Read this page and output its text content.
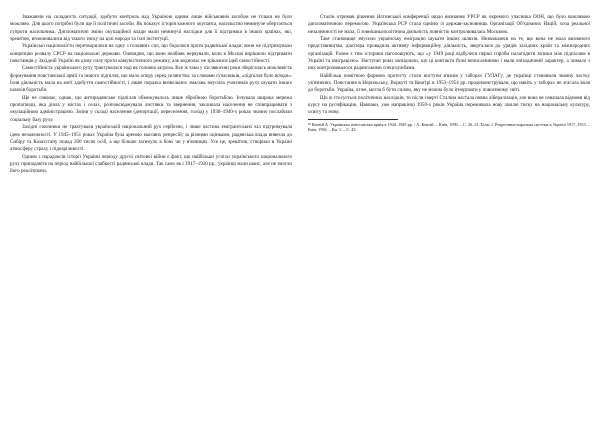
Зважаючи на складність ситуації, здобути контроль над Україною одним лише військовим засобом не тільки не було можливо. Для цього потрібні були ще й політичні засоби. Як показує історія кожного окупанта, насильство неминуче обертається супроти насильника. Дипломатичні зміни окупаційної влади мали неминучі наслідки для її підтримки в інших країнах, які, зрештою, втомлювалися від такого тиску на цілі народи та їхні інституції.

Українські націоналісти перетворилися на одну з головних сил, що боролися проти радянської влади: вони не підтримували концепцію розвалу СРСР на національні держави. Очевидно, що вони неабияк нервували, коли в Москві вирішили підтримати повстанців у Західній Україні як дієву силу проти комуністичного режиму, але водночас не зрікалися ідей самостійності.

Самостійність українського руху трактувалася тоді як головна загроза. Все ж таки у післявоєнні роки зберігалась можливість формування повстанської армії та іншого підпілля, що мало опору серед селянства; за словами сучасників, «підпілля було всюди». Їхня діяльність мала на меті здобуття самостійності, і лише поразка визвольних змагань змусила учасників руху шукати інших шляхів боротьби.

Ще не означає, однак, що антирадянське підпілля обмежувалось лише збройною боротьбою. Існувала широка мережа пропаганди, яка діяла у містах і селах, розповсюджувала листівки та звернення, закликала населення не співпрацювати з окупаційною адміністрацією. Зміни у складі населення (депортації, переселення, голод) у 1930–1940-х роках значно послабили соціальну базу руху.

Західні союзники не трактували українській національний рух серйозно, і лише частина емігрантських кіл підтримувала ідею незалежності. У 1945–1951 роках Україна була ареною масових репресій; за різними оцінками, радянська влада вивезла до Сибіру та Казахстану понад 200 тисяч осіб, а ще більше загинуло в боях чи у в'язницях. Усе це, зрештою, створило в Україні атмосферу страху і підозріливості.

Одним з парадоксів історії України періоду другої світової війни є факт, що найбільші успіхи українського національного руху припадають на період найбільшої слабкості радянської влади. Так само як і 1917–1920 рр., українці мали шанс, але не змогли його реалізувати.

Сталін отримав рішення Ялтинської конференції щодо визнання УРСР як окремого учасника ООН, що було важливою дипломатичною перемогою. Українська РСР стала однією із держав-засновниць Організації Об'єднаних Націй, хоча реальної незалежності не мала; її зовнішньополітична діяльність повністю контролювалась Москвою.

Таке становище змусило українську еміграцію шукати інших шляхів. Незважаючи на те, що вона не мала визнаного представництва, діаспора провадила активну інформаційну діяльність, зверталася до урядів західних країн та міжнародних організацій. Разом з тим історики наголошують, що «у 1949 році відбулися перші спроби налагодити зв'язки між підпіллям в Україні та еміграцією». Наступні роки засвідчили, що ці контакти були нечисленними і мали епізодичний характер, а чимало з них контролювалося радянськими спецслужбами.

Найбільш помітною формою протесту стали виступи в'язнів у таборах ГУЛАГу, де українці становили значну частку ув'язнених. Повстання в Норильську, Воркуті та Кенгірі в 1953–1954 рр. продемонстрували, що навіть у таборах не згасала воля до боротьби. Україна, отже, могла б бути силою, яку не можна було ігнорувати у повоєнному світі.

Що ж стосується політичних наслідків, то після смерті Сталіна настала певна лібералізація, але вона не означала відмови від курсу на русифікацію. Навпаки, уже наприкінці 1950-х років Україна переживала нову хвилю тиску на національну культуру, освіту та мову.

¹⁸ Кентій А. Українська повстанська армія в 1944–1945 рр. / А. Кентій. – Київ, 1999. – С. 26–31; Білас І. Репресивно-каральна система в Україні 1917–1953. – Київ, 1994. – Кн. 1. – С. 45.
